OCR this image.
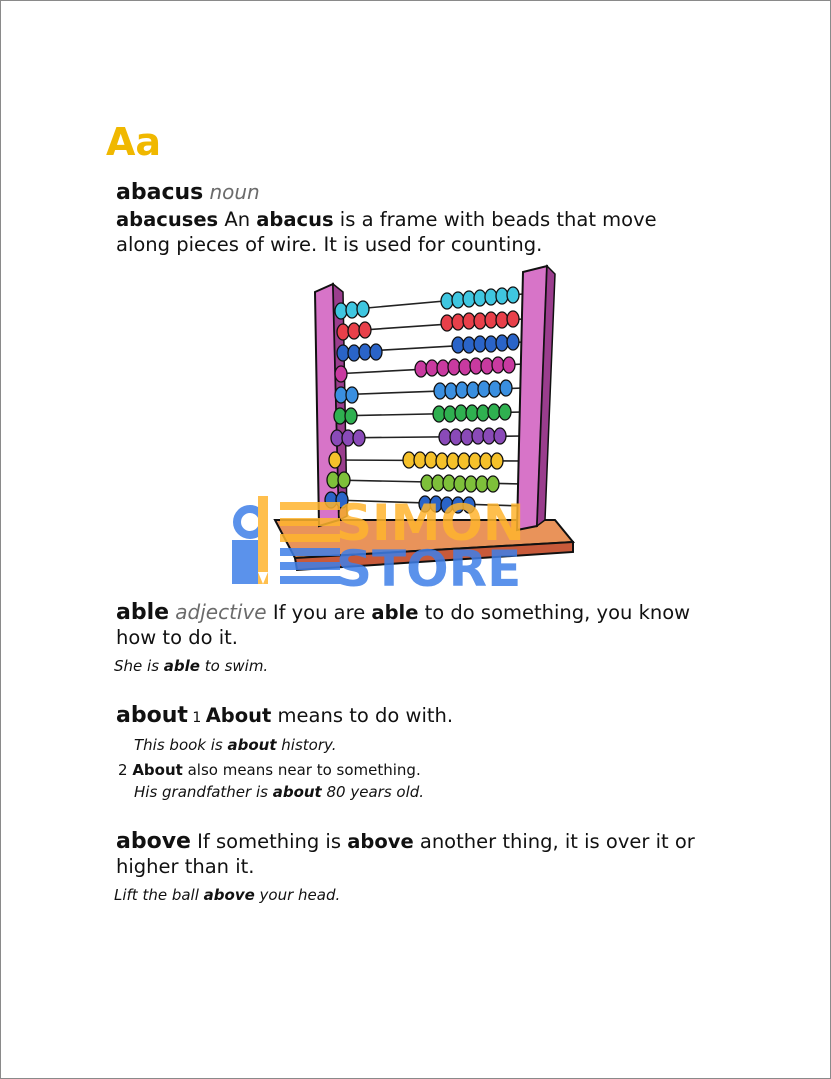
Aa
abacus noun
abacuses An abacus is a frame with beads that move
along pieces of wire. It is used for counting.
SIMON
STORE
able adjective If you are able to do something, you know
how to do it.
She is able to swim.
about 1 About means to do with.
This book is about history.
2 About also means near to something.
His grandfather is about 80 years old.
above If something is above another thing, it is over it or
higher than it.
Lift the ball above your head.
